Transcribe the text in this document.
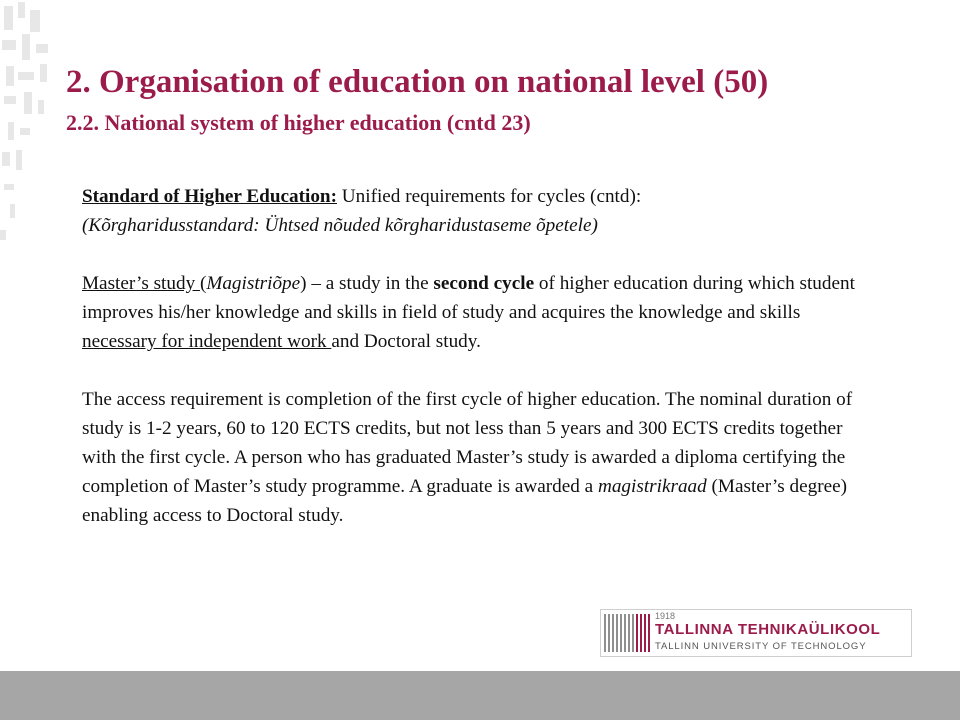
2. Organisation of education on national level (50)
2.2. National system of higher education (cntd 23)

Standard of Higher Education: Unified requirements for cycles (cntd):

(Kõrgharidusstandard: Ühtsed nõuded kõrgharidustaseme õpetele)

Master’s study (Magistriõpe) – a study in the second cycle of higher education during which student improves his/her knowledge and skills in field of study and acquires the knowledge and skills necessary for independent work and Doctoral study.

The access requirement is completion of the first cycle of higher education. The nominal duration of study is 1-2 years, 60 to 120 ECTS credits, but not less than 5 years and 300 ECTS credits together with the first cycle. A person who has graduated Master’s study is awarded a diploma certifying the completion of Master’s study programme. A graduate is awarded a magistrikraad (Master’s degree) enabling access to Doctoral study.

1918
TALLINNA TEHNIKAÜLIKOOL
TALLINN UNIVERSITY OF TECHNOLOGY
